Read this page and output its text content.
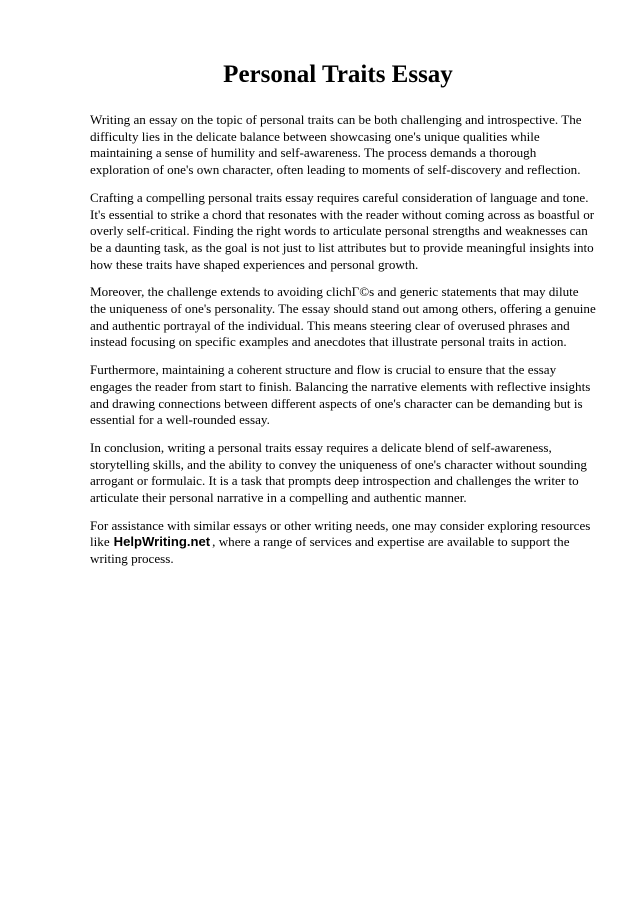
Personal Traits Essay

Writing an essay on the topic of personal traits can be both challenging and introspective. The difficulty lies in the delicate balance between showcasing one's unique qualities while maintaining a sense of humility and self-awareness. The process demands a thorough exploration of one's own character, often leading to moments of self-discovery and reflection.

Crafting a compelling personal traits essay requires careful consideration of language and tone. It's essential to strike a chord that resonates with the reader without coming across as boastful or overly self-critical. Finding the right words to articulate personal strengths and weaknesses can be a daunting task, as the goal is not just to list attributes but to provide meaningful insights into how these traits have shaped experiences and personal growth.

Moreover, the challenge extends to avoiding clichГ©s and generic statements that may dilute the uniqueness of one's personality. The essay should stand out among others, offering a genuine and authentic portrayal of the individual. This means steering clear of overused phrases and instead focusing on specific examples and anecdotes that illustrate personal traits in action.

Furthermore, maintaining a coherent structure and flow is crucial to ensure that the essay engages the reader from start to finish. Balancing the narrative elements with reflective insights and drawing connections between different aspects of one's character can be demanding but is essential for a well-rounded essay.

In conclusion, writing a personal traits essay requires a delicate blend of self-awareness, storytelling skills, and the ability to convey the uniqueness of one's character without sounding arrogant or formulaic. It is a task that prompts deep introspection and challenges the writer to articulate their personal narrative in a compelling and authentic manner.

For assistance with similar essays or other writing needs, one may consider exploring resources like HelpWriting.net , where a range of services and expertise are available to support the writing process.
